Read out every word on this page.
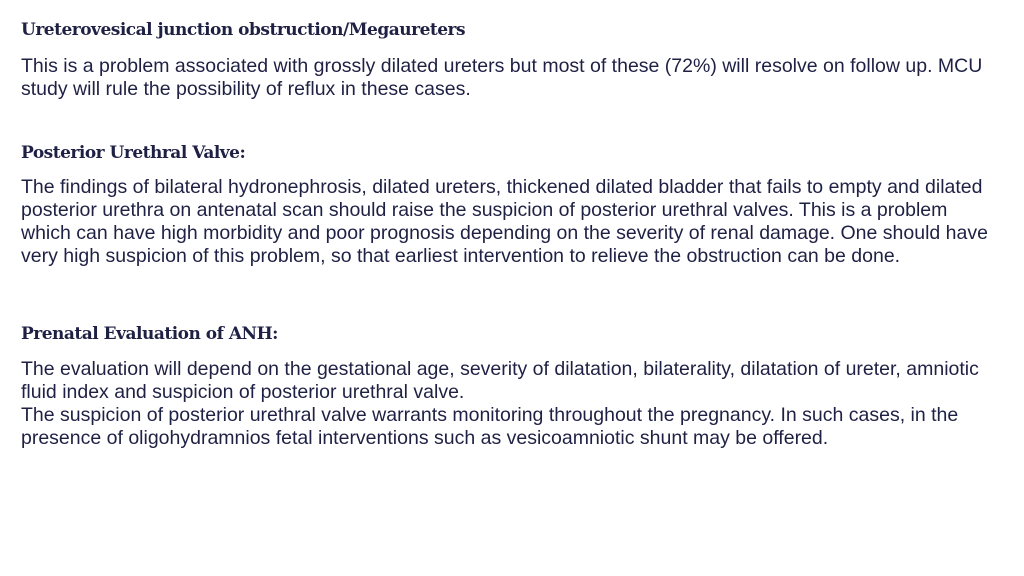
Ureterovesical junction obstruction/Megaureters

This is a problem associated with grossly dilated ureters but most of these (72%) will resolve on follow up. MCU study will rule the possibility of reflux in these cases.

Posterior Urethral Valve:

The findings of bilateral hydronephrosis, dilated ureters, thickened dilated bladder that fails to empty and dilated posterior urethra on antenatal scan should raise the suspicion of posterior urethral valves. This is a problem which can have high morbidity and poor prognosis depending on the severity of renal damage. One should have very high suspicion of this problem, so that earliest intervention to relieve the obstruction can be done.

Prenatal Evaluation of ANH:

The evaluation will depend on the gestational age, severity of dilatation, bilaterality, dilatation of ureter, amniotic fluid index and suspicion of posterior urethral valve.

The suspicion of posterior urethral valve warrants monitoring throughout the pregnancy. In such cases, in the presence of oligohydramnios fetal interventions such as vesicoamniotic shunt may be offered.
